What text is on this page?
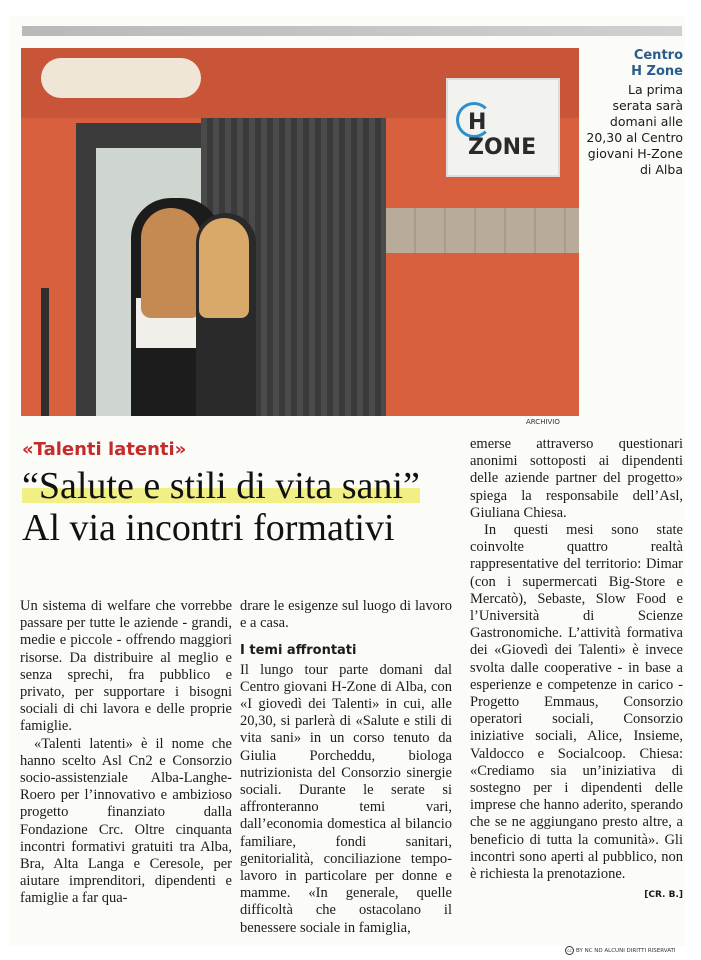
H ZONE
ARCHIVIO
Centro
H Zone
La prima serata sarà domani alle 20,30 al Centro giovani H-Zone di Alba
«Talenti latenti»
“Salute e stili di vita sani”
Al via incontri formativi

Un sistema di welfare che vorrebbe passare per tutte le aziende - grandi, medie e piccole - offrendo maggiori risorse. Da distribuire al meglio e senza sprechi, fra pubblico e privato, per supportare i bisogni sociali di chi lavora e delle proprie famiglie.

«Talenti latenti» è il nome che hanno scelto Asl Cn2 e Consorzio socio-assistenziale Alba-Langhe-Roero per l’innovativo e ambizioso progetto finanziato dalla Fondazione Crc. Oltre cinquanta incontri formativi gratuiti tra Alba, Bra, Alta Langa e Ceresole, per aiutare imprenditori, dipendenti e famiglie a far qua-

drare le esigenze sul luogo di lavoro e a casa.

I temi affrontati

Il lungo tour parte domani dal Centro giovani H-Zone di Alba, con «I giovedì dei Talenti» in cui, alle 20,30, si parlerà di «Salute e stili di vita sani» in un corso tenuto da Giulia Porcheddu, biologa nutrizionista del Consorzio sinergie sociali. Durante le serate si affronteranno temi vari, dall’economia domestica al bilancio familiare, fondi sanitari, genitorialità, conciliazione tempo-lavoro in particolare per donne e mamme. «In generale, quelle difficoltà che ostacolano il benessere sociale in famiglia,

emerse attraverso questionari anonimi sottoposti ai dipendenti delle aziende partner del progetto» spiega la responsabile dell’Asl, Giuliana Chiesa.

In questi mesi sono state coinvolte quattro realtà rappresentative del territorio: Dimar (con i supermercati Big-Store e Mercatò), Sebaste, Slow Food e l’Università di Scienze Gastronomiche. L’attività formativa dei «Giovedì dei Talenti» è invece svolta dalle cooperative - in base a esperienze e competenze in carico - Progetto Emmaus, Consorzio operatori sociali, Consorzio iniziative sociali, Alice, Insieme, Valdocco e Socialcoop. Chiesa: «Crediamo sia un’iniziativa di sostegno per i dipendenti delle imprese che hanno aderito, sperando che se ne aggiungano presto altre, a beneficio di tutta la comunità». Gli incontri sono aperti al pubblico, non è richiesta la prenotazione.

[CR. B.]
cc BY NC ND ALCUNI DIRITTI RISERVATI
